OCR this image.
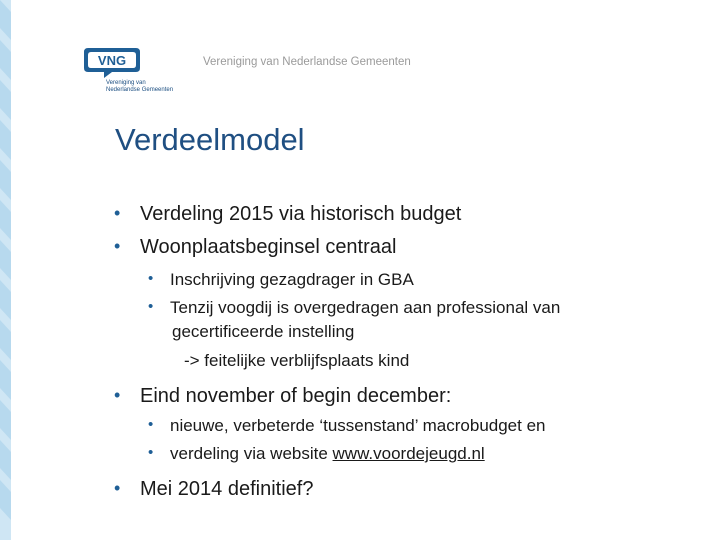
VNG
Vereniging van
Nederlandse Gemeenten
Vereniging van Nederlandse Gemeenten
Verdeelmodel
• Verdeling 2015 via historisch budget
• Woonplaatsbeginsel centraal
• Inschrijving gezagdrager in GBA
• Tenzij voogdij is overgedragen aan professional van
gecertificeerde instelling
-> feitelijke verblijfsplaats kind
• Eind november of begin december:
• nieuwe, verbeterde ‘tussenstand’ macrobudget en
• verdeling via website www.voordejeugd.nl
• Mei 2014 definitief?
